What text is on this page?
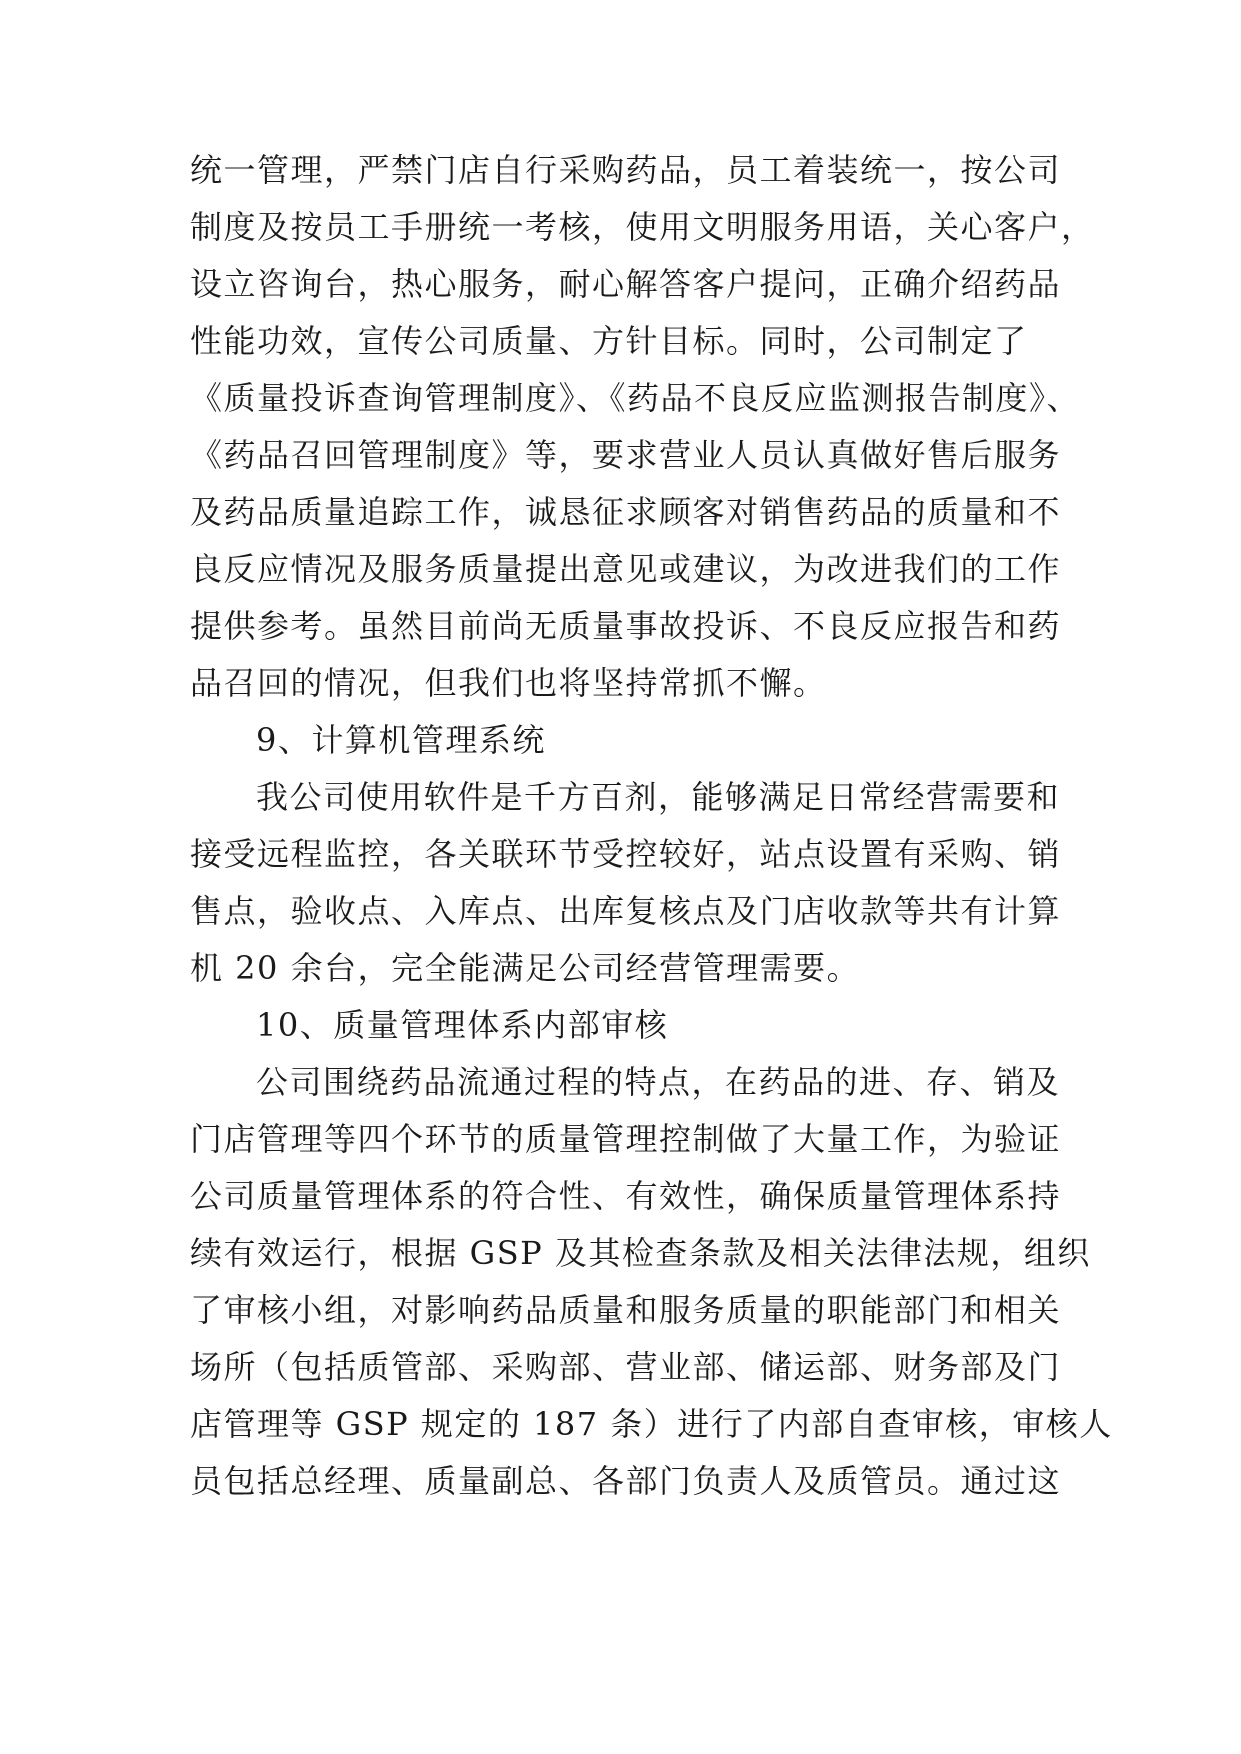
统一管理，严禁门店自行采购药品，员工着装统一，按公司
制度及按员工手册统一考核，使用文明服务用语，关心客户，
设立咨询台，热心服务，耐心解答客户提问，正确介绍药品
性能功效，宣传公司质量、方针目标。同时，公司制定了
《质量投诉查询管理制度》、《药品不良反应监测报告制度》、
《药品召回管理制度》等，要求营业人员认真做好售后服务
及药品质量追踪工作，诚恳征求顾客对销售药品的质量和不
良反应情况及服务质量提出意见或建议，为改进我们的工作
提供参考。虽然目前尚无质量事故投诉、不良反应报告和药
品召回的情况，但我们也将坚持常抓不懈。
9、计算机管理系统
我公司使用软件是千方百剂，能够满足日常经营需要和
接受远程监控，各关联环节受控较好，站点设置有采购、销
售点，验收点、入库点、出库复核点及门店收款等共有计算
机 20 余台，完全能满足公司经营管理需要。
10、质量管理体系内部审核
公司围绕药品流通过程的特点，在药品的进、存、销及
门店管理等四个环节的质量管理控制做了大量工作，为验证
公司质量管理体系的符合性、有效性，确保质量管理体系持
续有效运行，根据 GSP 及其检查条款及相关法律法规，组织
了审核小组，对影响药品质量和服务质量的职能部门和相关
场所（包括质管部、采购部、营业部、储运部、财务部及门
店管理等 GSP 规定的 187 条）进行了内部自查审核，审核人
员包括总经理、质量副总、各部门负责人及质管员。通过这
